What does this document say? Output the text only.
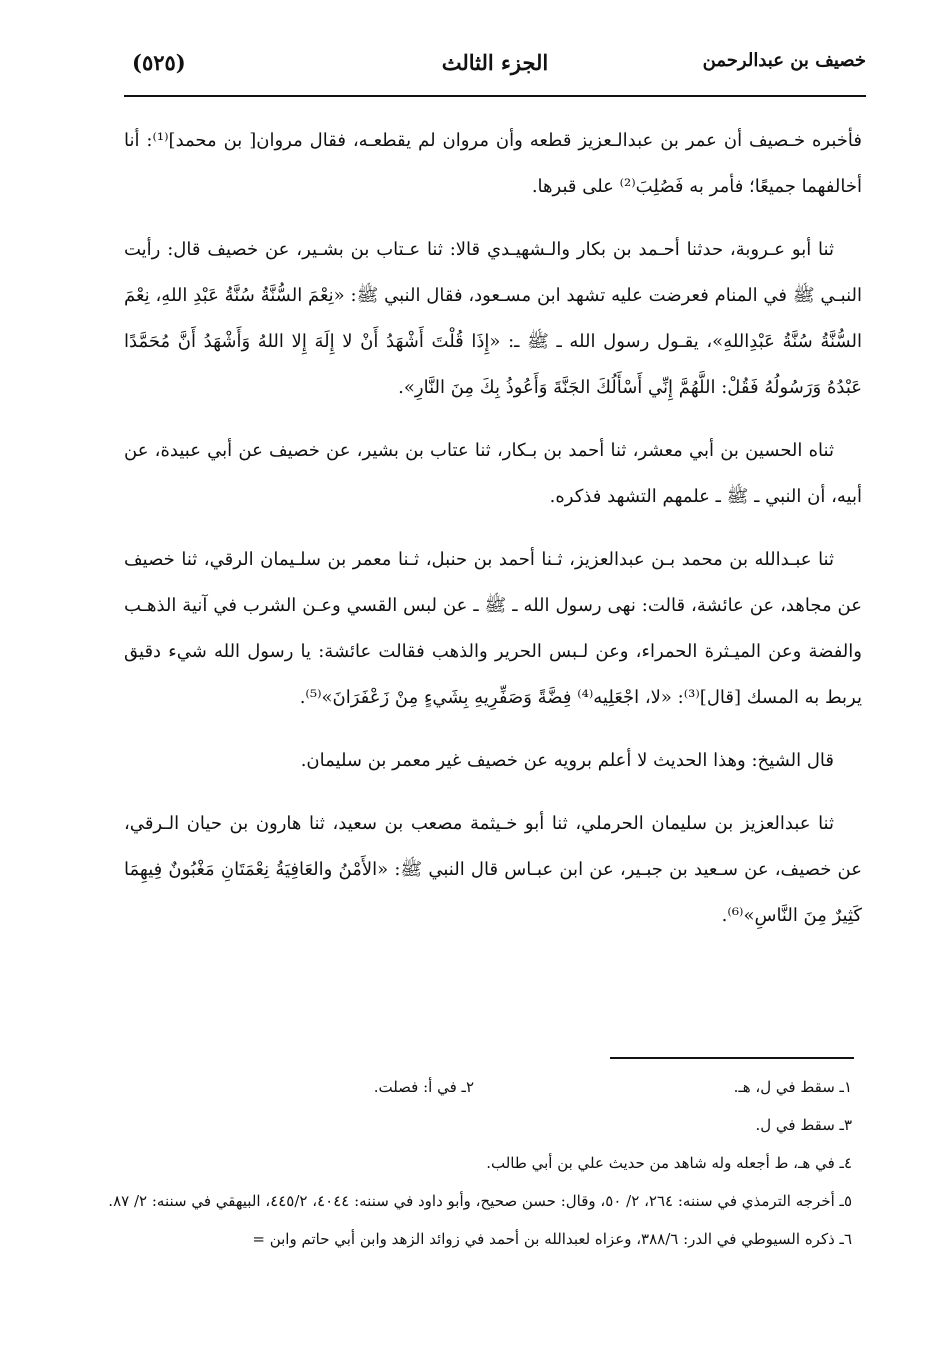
خصيف بن عبدالرحمن
الجزء الثالث
(٥٢٥)

فأخبره خـصيف أن عمر بن عبدالـعزيز قطعه وأن مروان لم يقطعـه، فقال مروان[ بن محمد]⁽¹⁾: أنا أخالفهما جميعًا؛ فأمر به فَصُلِبَ⁽²⁾ على قبرها.

ثنا أبو عـروبة، حدثنا أحـمد بن بكار والـشهيـدي قالا: ثنا عـتاب بن بشـير، عن خصيف قال: رأيت النبـي ﷺ في المنام فعرضت عليه تشهد ابن مسـعود، فقال النبي ﷺ: «نِعْمَ السُّنَّةُ سُنَّةُ عَبْدِ اللهِ، نِعْمَ السُّنَّةُ سُنَّةُ عَبْدِاللهِ»، يقـول رسول الله ـ ﷺ ـ: «إِذَا قُلْتَ أَشْهَدُ أَنْ لا إِلَهَ إِلا اللهُ وَأَشْهَدُ أَنَّ مُحَمَّدًا عَبْدُهُ وَرَسُولُهُ فَقُلْ: اللَّهُمَّ إِنِّي أَسْأَلُكَ الجَنَّةَ وَأَعُوذُ بِكَ مِنَ النَّارِ».

ثناه الحسين بن أبي معشر، ثنا أحمد بن بـكار، ثنا عتاب بن بشير، عن خصيف عن أبي عبيدة، عن أبيه، أن النبي ـ ﷺ ـ علمهم التشهد فذكره.

ثنا عبـدالله بن محمد بـن عبدالعزيز، ثـنا أحمد بن حنبل، ثـنا معمر بن سلـيمان الرقي، ثنا خصيف عن مجاهد، عن عائشة، قالت: نهى رسول الله ـ ﷺ ـ عن لبس القسي وعـن الشرب في آنية الذهـب والفضة وعن الميـثرة الحمراء، وعن لـبس الحرير والذهب فقالت عائشة: يا رسول الله شيء دقيق يربط به المسك [قال]⁽³⁾: «لا، اجْعَلِيه⁽⁴⁾ فِضَّةً وَصَفِّرِيهِ بِشَيءٍ مِنْ زَعْفَرَانَ»⁽⁵⁾.

قال الشيخ: وهذا الحديث لا أعلم برويه عن خصيف غير معمر بن سليمان.

ثنا عبدالعزيز بن سليمان الحرملي، ثنا أبو خـيثمة مصعب بن سعيد، ثنا هارون بن حيان الـرقي، عن خصيف، عن سـعيد بن جبـير، عن ابن عبـاس قال النبي ﷺ: «الأَمْنُ والعَافِيَةُ نِعْمَتَانِ مَغْبُونٌ فِيهِمَا كَثِيرٌ مِنَ النَّاسِ»⁽⁶⁾.

١ـ سقط في ل، هـ.
٢ـ في أ: فصلت.

٣ـ سقط في ل.

٤ـ في هـ، ط أجعله وله شاهد من حديث علي بن أبي طالب.

٥ـ أخرجه الترمذي في سننه: ٢٦٤، ٢/ ٥٠، وقال: حسن صحيح، وأبو داود في سننه: ٤٠٤٤، ٤٤٥/٢، البيهقي في سننه: ٢/ ٨٧.

٦ـ ذكره السيوطي في الدر: ٣٨٨/٦، وعزاه لعبدالله بن أحمد في زوائد الزهد وابن أبي حاتم وابن =
